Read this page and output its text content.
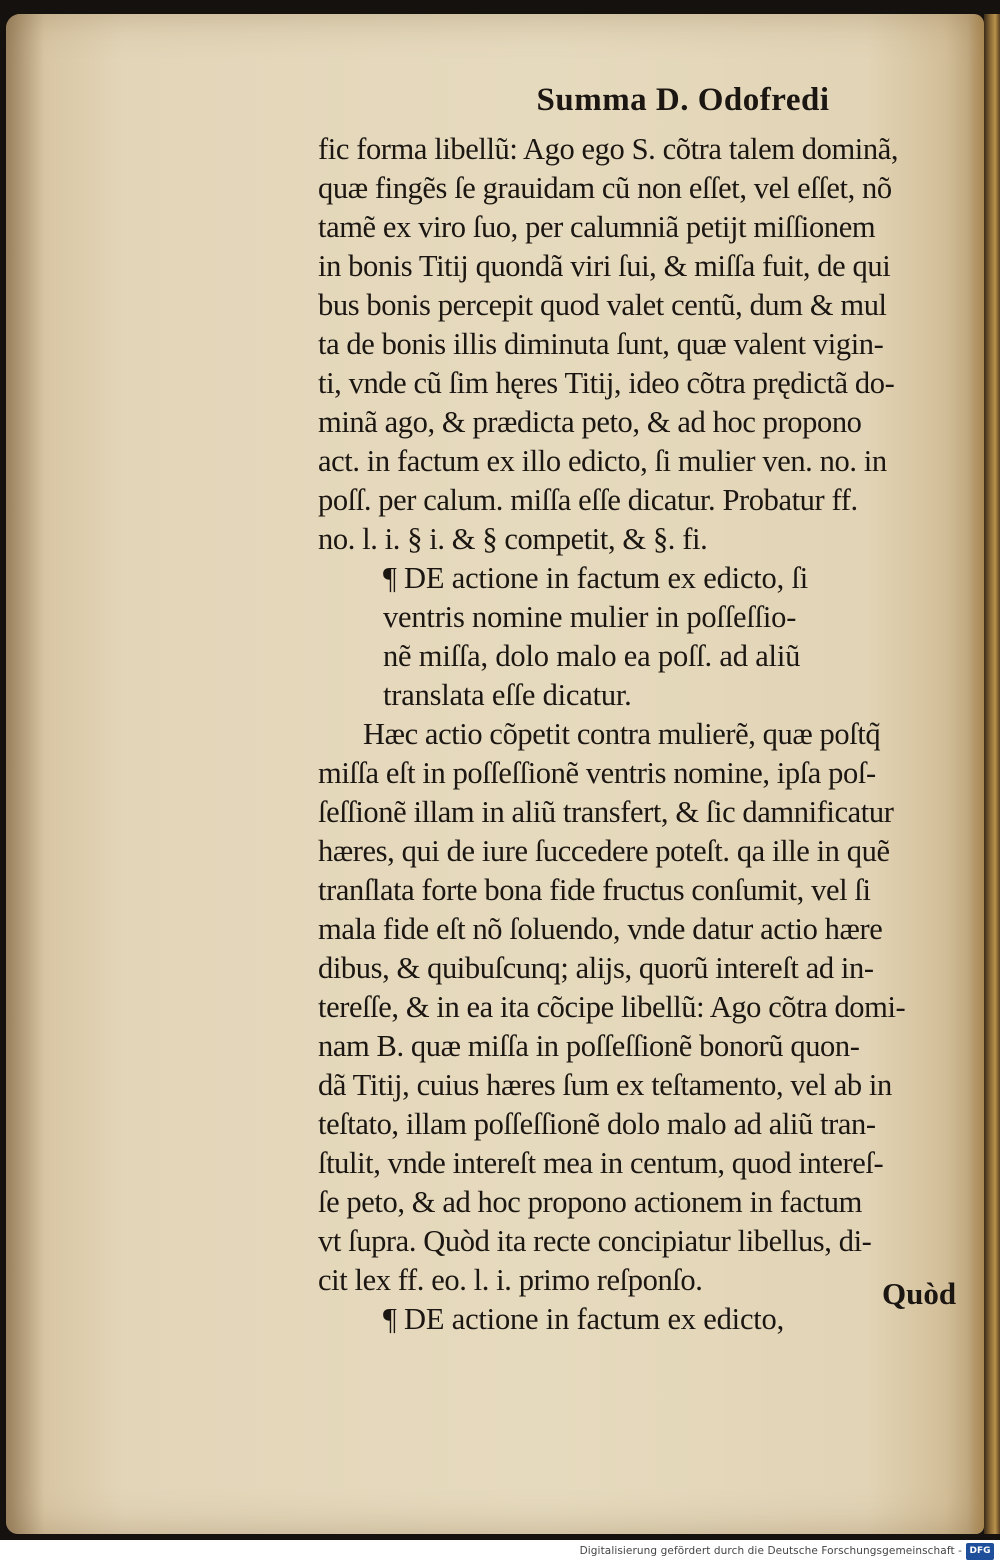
Summa D. Odofredi
fic forma libellũ: Ago ego S. cõtra talem dominã,
quæ fingẽs ſe grauidam cũ non eſſet, vel eſſet, nõ
tamẽ ex viro ſuo, per calumniã petijt miſſionem
in bonis Titij quondã viri ſui, & miſſa fuit, de qui
bus bonis percepit quod valet centũ, dum & mul
ta de bonis illis diminuta ſunt, quæ valent vigin-
ti, vnde cũ ſim hęres Titij, ideo cõtra prędictã do-
minã ago, & prædicta peto, & ad hoc propono
act. in factum ex illo edicto, ſi mulier ven. no. in
poſſ. per calum. miſſa eſſe dicatur. Probatur ff.
no. l. i. § i. & § competit, & §. fi.
¶ DE actione in factum ex edicto, ſi
ventris nomine mulier in poſſeſſio-
nẽ miſſa, dolo malo ea poſſ. ad aliũ
translata eſſe dicatur.
Hæc actio cõpetit contra mulierẽ, quæ poſtq̃
miſſa eſt in poſſeſſionẽ ventris nomine, ipſa poſ-
ſeſſionẽ illam in aliũ transfert, & ſic damnificatur
hæres, qui de iure ſuccedere poteſt. qa ille in quẽ
tranſlata forte bona fide fructus conſumit, vel ſi
mala fide eſt nõ ſoluendo, vnde datur actio hære
dibus, & quibuſcunq; alijs, quorũ intereſt ad in-
tereſſe, & in ea ita cõcipe libellũ: Ago cõtra domi-
nam B. quæ miſſa in poſſeſſionẽ bonorũ quon-
dã Titij, cuius hæres ſum ex teſtamento, vel ab in
teſtato, illam poſſeſſionẽ dolo malo ad aliũ tran-
ſtulit, vnde intereſt mea in centum, quod intereſ-
ſe peto, & ad hoc propono actionem in factum
vt ſupra. Quòd ita recte concipiatur libellus, di-
cit lex ff. eo. l. i. primo reſponſo.
¶ DE actione in factum ex edicto,
Quòd
Digitalisierung gefördert durch die Deutsche Forschungsgemeinschaft - DFG
